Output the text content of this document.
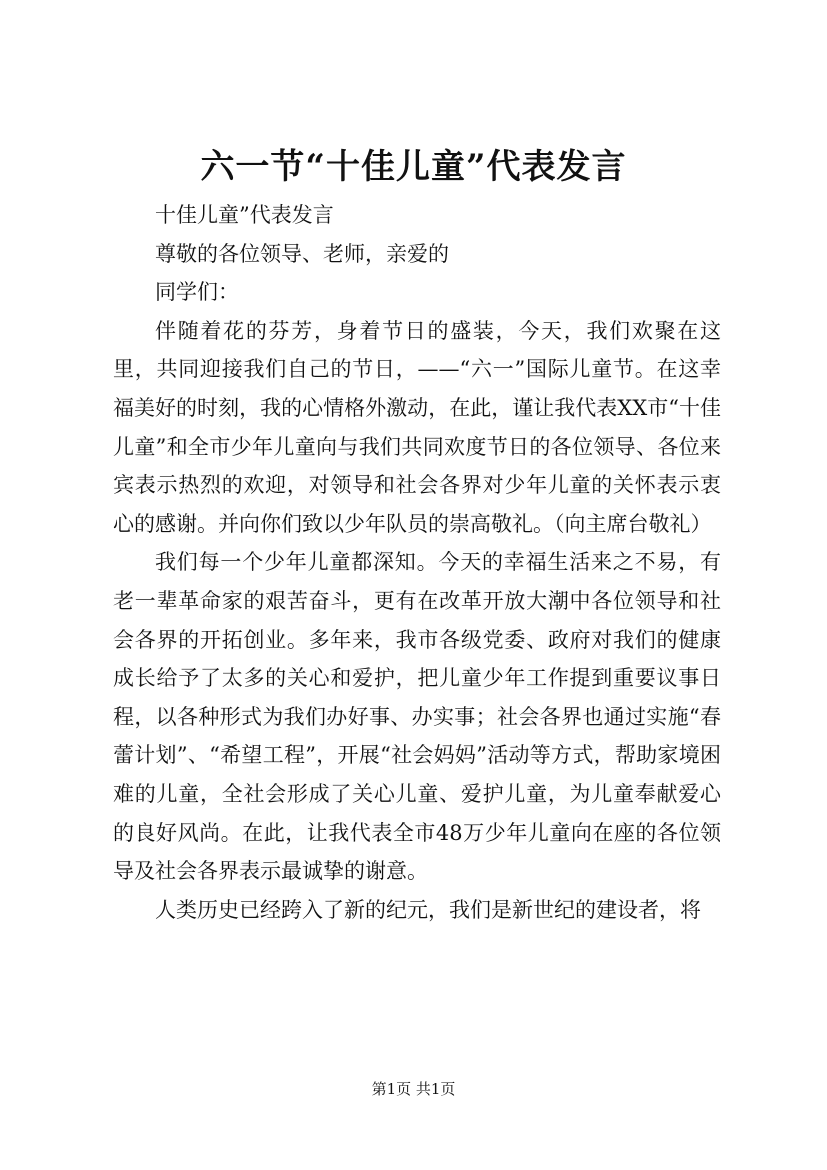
六一节“十佳儿童”代表发言

十佳儿童”代表发言

尊敬的各位领导、老师，亲爱的

同学们：

伴随着花的芬芳，身着节日的盛装，今天，我们欢聚在这里，共同迎接我们自己的节日，——“六一”国际儿童节。在这幸福美好的时刻，我的心情格外激动，在此，谨让我代表XX市“十佳儿童”和全市少年儿童向与我们共同欢度节日的各位领导、各位来宾表示热烈的欢迎，对领导和社会各界对少年儿童的关怀表示衷心的感谢。并向你们致以少年队员的崇高敬礼。（向主席台敬礼）

我们每一个少年儿童都深知。今天的幸福生活来之不易，有老一辈革命家的艰苦奋斗，更有在改革开放大潮中各位领导和社会各界的开拓创业。多年来，我市各级党委、政府对我们的健康成长给予了太多的关心和爱护，把儿童少年工作提到重要议事日程，以各种形式为我们办好事、办实事；社会各界也通过实施“春蕾计划”、“希望工程”，开展“社会妈妈”活动等方式，帮助家境困难的儿童，全社会形成了关心儿童、爱护儿童，为儿童奉献爱心的良好风尚。在此，让我代表全市48万少年儿童向在座的各位领导及社会各界表示最诚挚的谢意。

人类历史已经跨入了新的纪元，我们是新世纪的建设者，将

第1页 共1页
